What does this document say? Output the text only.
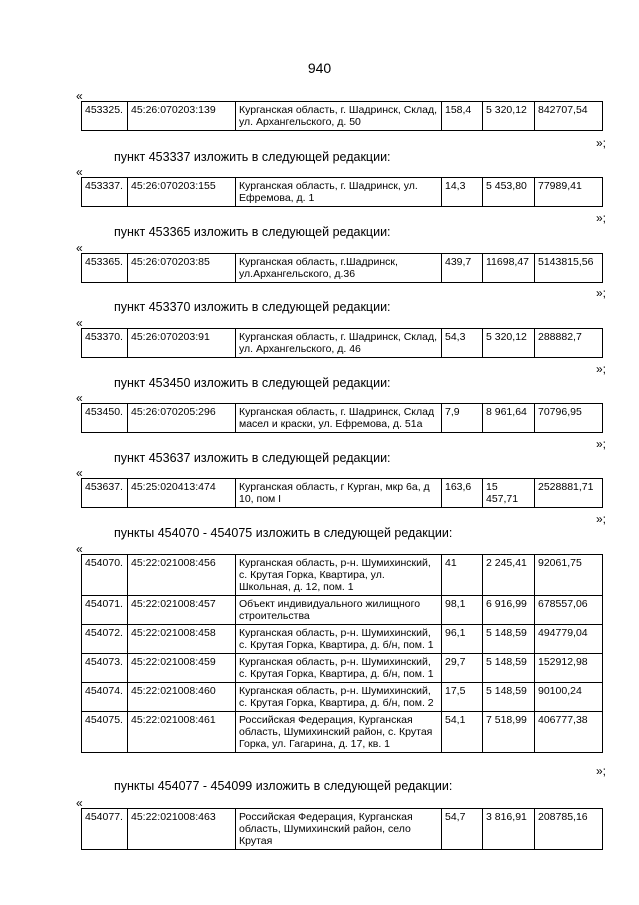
940
«
453325.	45:26:070203:139	Курганская область, г. Шадринск, Склад, ул. Архангельского, д. 50	158,4	5 320,12	842707,54
»;
пункт 453337 изложить в следующей редакции:
«
453337.	45:26:070203:155	Курганская область, г. Шадринск, ул. Ефремова, д. 1	14,3	5 453,80	77989,41
»;
пункт 453365 изложить в следующей редакции:
«
453365.	45:26:070203:85	Курганская область, г.Шадринск, ул.Архангельского, д.36	439,7	11698,47	5143815,56
»;
пункт 453370 изложить в следующей редакции:
«
453370.	45:26:070203:91	Курганская область, г. Шадринск, Склад, ул. Архангельского, д. 46	54,3	5 320,12	288882,7
»;
пункт 453450 изложить в следующей редакции:
«
453450.	45:26:070205:296	Курганская область, г. Шадринск, Склад масел и краски, ул. Ефремова, д. 51а	7,9	8 961,64	70796,95
»;
пункт 453637 изложить в следующей редакции:
«
453637.	45:25:020413:474	Курганская область, г Курган, мкр 6а, д 10, пом I	163,6	15 457,71	2528881,71
»;
пункты 454070 - 454075 изложить в следующей редакции:
«
454070.	45:22:021008:456	Курганская область, р-н. Шумихинский, с. Крутая Горка, Квартира, ул. Школьная, д. 12, пом. 1	41	2 245,41	92061,75
454071.	45:22:021008:457	Объект индивидуального жилищного строительства	98,1	6 916,99	678557,06
454072.	45:22:021008:458	Курганская область, р-н. Шумихинский, с. Крутая Горка, Квартира, д. б/н, пом. 1	96,1	5 148,59	494779,04
454073.	45:22:021008:459	Курганская область, р-н. Шумихинский, с. Крутая Горка, Квартира, д. б/н, пом. 1	29,7	5 148,59	152912,98
454074.	45:22:021008:460	Курганская область, р-н. Шумихинский, с. Крутая Горка, Квартира, д. б/н, пом. 2	17,5	5 148,59	90100,24
454075.	45:22:021008:461	Российская Федерация, Курганская область, Шумихинский район, с. Крутая Горка, ул. Гагарина, д. 17, кв. 1	54,1	7 518,99	406777,38
»;
пункты 454077 - 454099 изложить в следующей редакции:
«
454077.	45:22:021008:463	Российская Федерация, Курганская область, Шумихинский район, село Крутая	54,7	3 816,91	208785,16
